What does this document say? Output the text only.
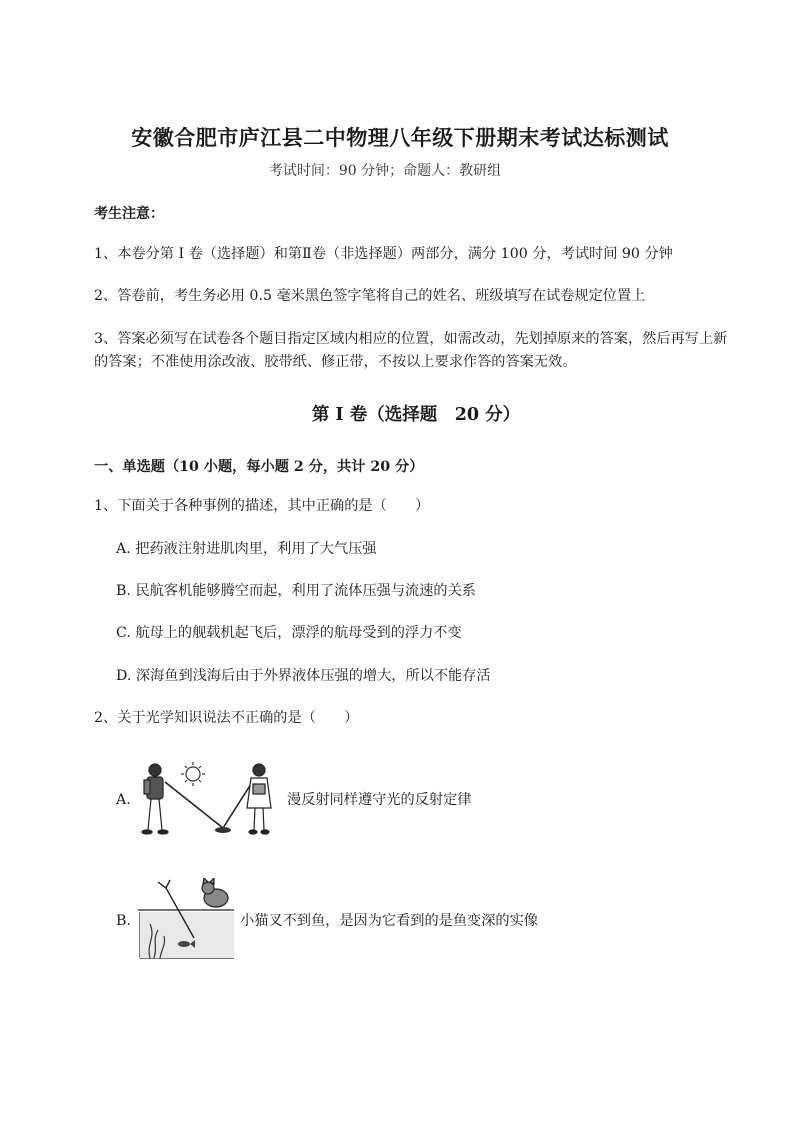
安徽合肥市庐江县二中物理八年级下册期末考试达标测试
考试时间：90 分钟；命题人：教研组
考生注意：
1、本卷分第 I 卷（选择题）和第Ⅱ卷（非选择题）两部分，满分 100 分，考试时间 90 分钟
2、答卷前，考生务必用 0.5 毫米黑色签字笔将自己的姓名、班级填写在试卷规定位置上
3、答案必须写在试卷各个题目指定区域内相应的位置，如需改动，先划掉原来的答案，然后再写上新
的答案；不准使用涂改液、胶带纸、修正带，不按以上要求作答的答案无效。
第 I 卷（选择题　20 分）
一、单选题（10 小题，每小题 2 分，共计 20 分）
1、下面关于各种事例的描述，其中正确的是（　　）
A. 把药液注射进肌肉里，利用了大气压强
B. 民航客机能够腾空而起，利用了流体压强与流速的关系
C. 航母上的舰载机起飞后，漂浮的航母受到的浮力不变
D. 深海鱼到浅海后由于外界液体压强的增大，所以不能存活
2、关于光学知识说法不正确的是（　　）
A.	漫反射同样遵守光的反射定律
B.	小猫叉不到鱼，是因为它看到的是鱼变深的实像
